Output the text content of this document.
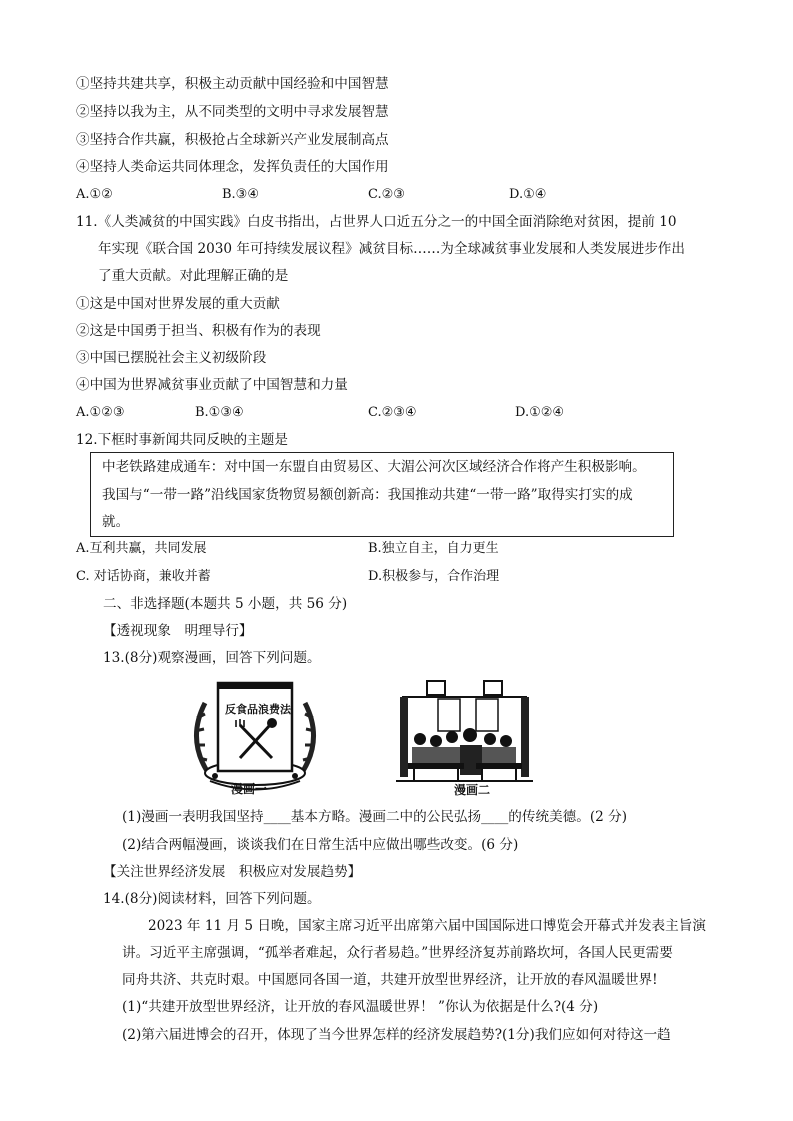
①坚持共建共享，积极主动贡献中国经验和中国智慧
②坚持以我为主，从不同类型的文明中寻求发展智慧
③坚持合作共赢，积极抢占全球新兴产业发展制高点
④坚持人类命运共同体理念，发挥负责任的大国作用
A.①②	B.③④	C.②③	D.①④
11.《人类减贫的中国实践》白皮书指出，占世界人口近五分之一的中国全面消除绝对贫困，提前 10
年实现《联合国 2030 年可持续发展议程》减贫目标……为全球减贫事业发展和人类发展进步作出
了重大贡献。对此理解正确的是
①这是中国对世界发展的重大贡献
②这是中国勇于担当、积极有作为的表现
③中国已摆脱社会主义初级阶段
④中国为世界减贫事业贡献了中国智慧和力量
A.①②③	B.①③④	C.②③④	D.①②④
12.下框时事新闻共同反映的主题是
中老铁路建成通车：对中国一东盟自由贸易区、大湄公河次区域经济合作将产生积极影响。
我国与“一带一路”沿线国家货物贸易额创新高：我国推动共建“一带一路”取得实打实的成
就。
A.互利共赢，共同发展	B.独立自主，自力更生
C. 对话协商，兼收并蓄	D.积极参与，合作治理
二、非选择题(本题共 5 小题，共 56 分)
【透视现象　明理导行】
13.(8分)观察漫画，回答下列问题。
反食品浪费法
漫画一	漫画二
(1)漫画一表明我国坚持____基本方略。漫画二中的公民弘扬____的传统美德。(2 分)
(2)结合两幅漫画，谈谈我们在日常生活中应做出哪些改变。(6 分)
【关注世界经济发展　积极应对发展趋势】
14.(8分)阅读材料，回答下列问题。
2023 年 11 月 5 日晚，国家主席习近平出席第六届中国国际进口博览会开幕式并发表主旨演
讲。习近平主席强调，“孤举者难起，众行者易趋。”世界经济复苏前路坎坷，各国人民更需要
同舟共济、共克时艰。中国愿同各国一道，共建开放型世界经济，让开放的春风温暖世界!
(1)“共建开放型世界经济，让开放的春风温暖世界！ ”你认为依据是什么?(4 分)
(2)第六届进博会的召开，体现了当今世界怎样的经济发展趋势?(1分)我们应如何对待这一趋
